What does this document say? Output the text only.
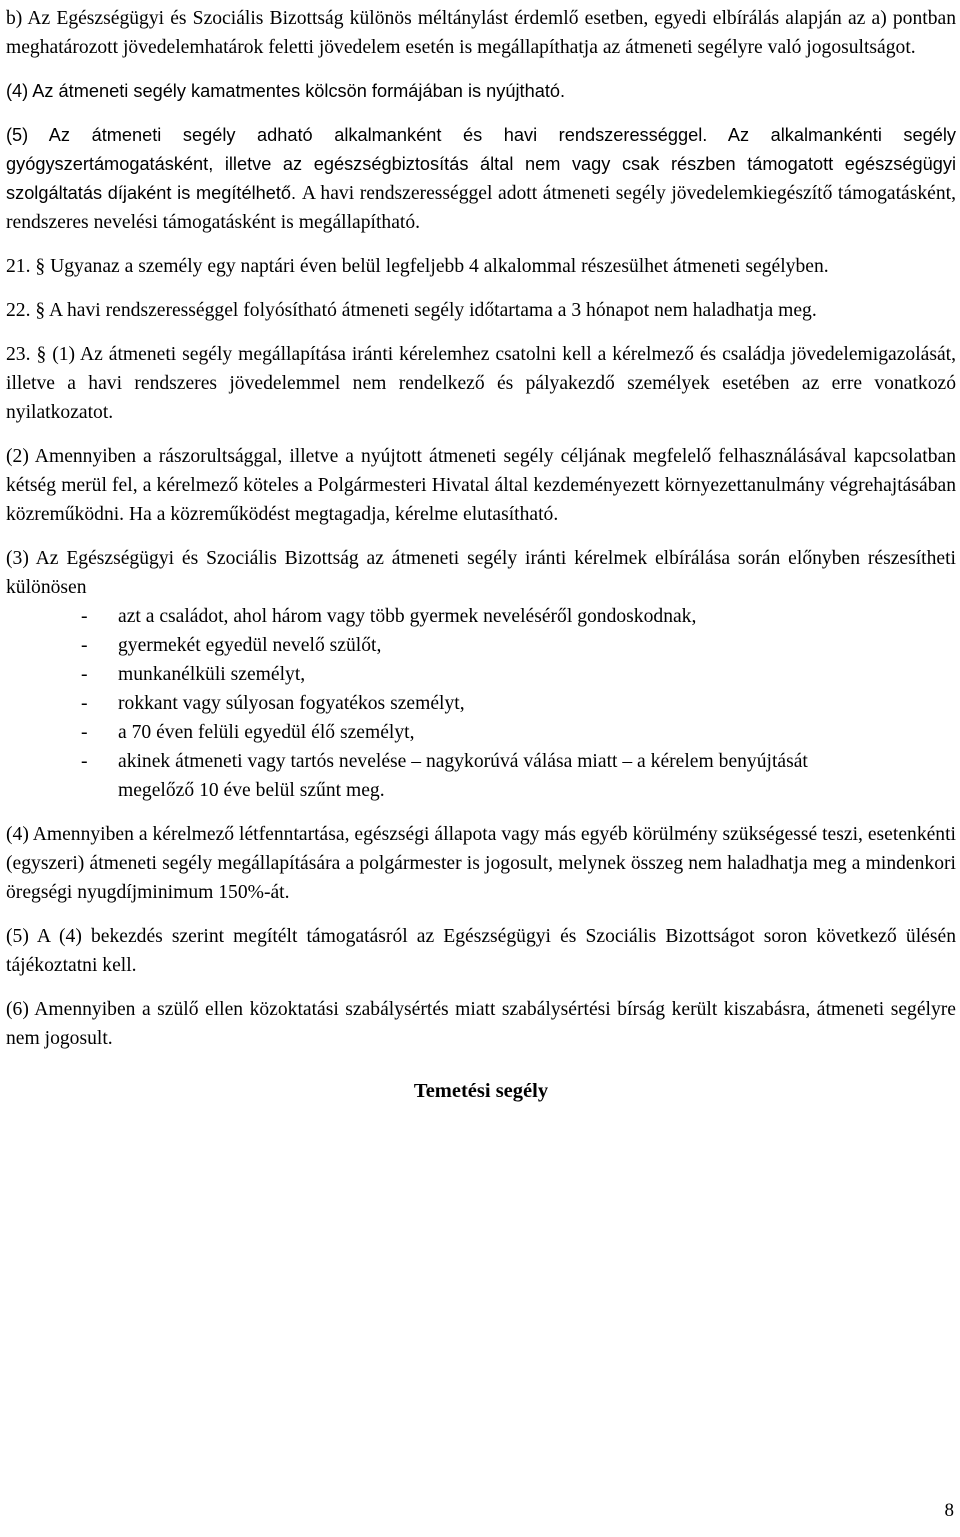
b) Az Egészségügyi és Szociális Bizottság különös méltánylást érdemlő esetben, egyedi elbírálás alapján az a) pontban meghatározott jövedelemhatárok feletti jövedelem esetén is megállapíthatja az átmeneti segélyre való jogosultságot.

(4) Az átmeneti segély kamatmentes kölcsön formájában is nyújtható.

(5) Az átmeneti segély adható alkalmanként és havi rendszerességgel. Az alkalmankénti segély gyógyszertámogatásként, illetve az egészségbiztosítás által nem vagy csak részben támogatott egészségügyi szolgáltatás díjaként is megítélhető. A havi rendszerességgel adott átmeneti segély jövedelemkiegészítő támogatásként, rendszeres nevelési támogatásként is megállapítható.

21. § Ugyanaz a személy egy naptári éven belül legfeljebb 4 alkalommal részesülhet átmeneti segélyben.

22. § A havi rendszerességgel folyósítható átmeneti segély időtartama a 3 hónapot nem haladhatja meg.

23. § (1) Az átmeneti segély megállapítása iránti kérelemhez csatolni kell a kérelmező és családja jövedelemigazolását, illetve a havi rendszeres jövedelemmel nem rendelkező és pályakezdő személyek esetében az erre vonatkozó nyilatkozatot.

(2) Amennyiben a rászorultsággal, illetve a nyújtott átmeneti segély céljának megfelelő felhasználásával kapcsolatban kétség merül fel, a kérelmező köteles a Polgármesteri Hivatal által kezdeményezett környezettanulmány végrehajtásában közreműködni. Ha a közreműködést megtagadja, kérelme elutasítható.

(3) Az Egészségügyi és Szociális Bizottság az átmeneti segély iránti kérelmek elbírálása során előnyben részesítheti különösen

- azt a családot, ahol három vagy több gyermek neveléséről gondoskodnak,
- gyermekét egyedül nevelő szülőt,
- munkanélküli személyt,
- rokkant vagy súlyosan fogyatékos személyt,
- a 70 éven felüli egyedül élő személyt,
- akinek átmeneti vagy tartós nevelése – nagykorúvá válása miatt – a kérelem benyújtását megelőző 10 éve belül szűnt meg.

(4) Amennyiben a kérelmező létfenntartása, egészségi állapota vagy más egyéb körülmény szükségessé teszi, esetenkénti (egyszeri) átmeneti segély megállapítására a polgármester is jogosult, melynek összeg nem haladhatja meg a mindenkori öregségi nyugdíjminimum 150%-át.

(5) A (4) bekezdés szerint megítélt támogatásról az Egészségügyi és Szociális Bizottságot soron következő ülésén tájékoztatni kell.

(6) Amennyiben a szülő ellen közoktatási szabálysértés miatt szabálysértési bírság került kiszabásra, átmeneti segélyre nem jogosult.

Temetési segély

8
